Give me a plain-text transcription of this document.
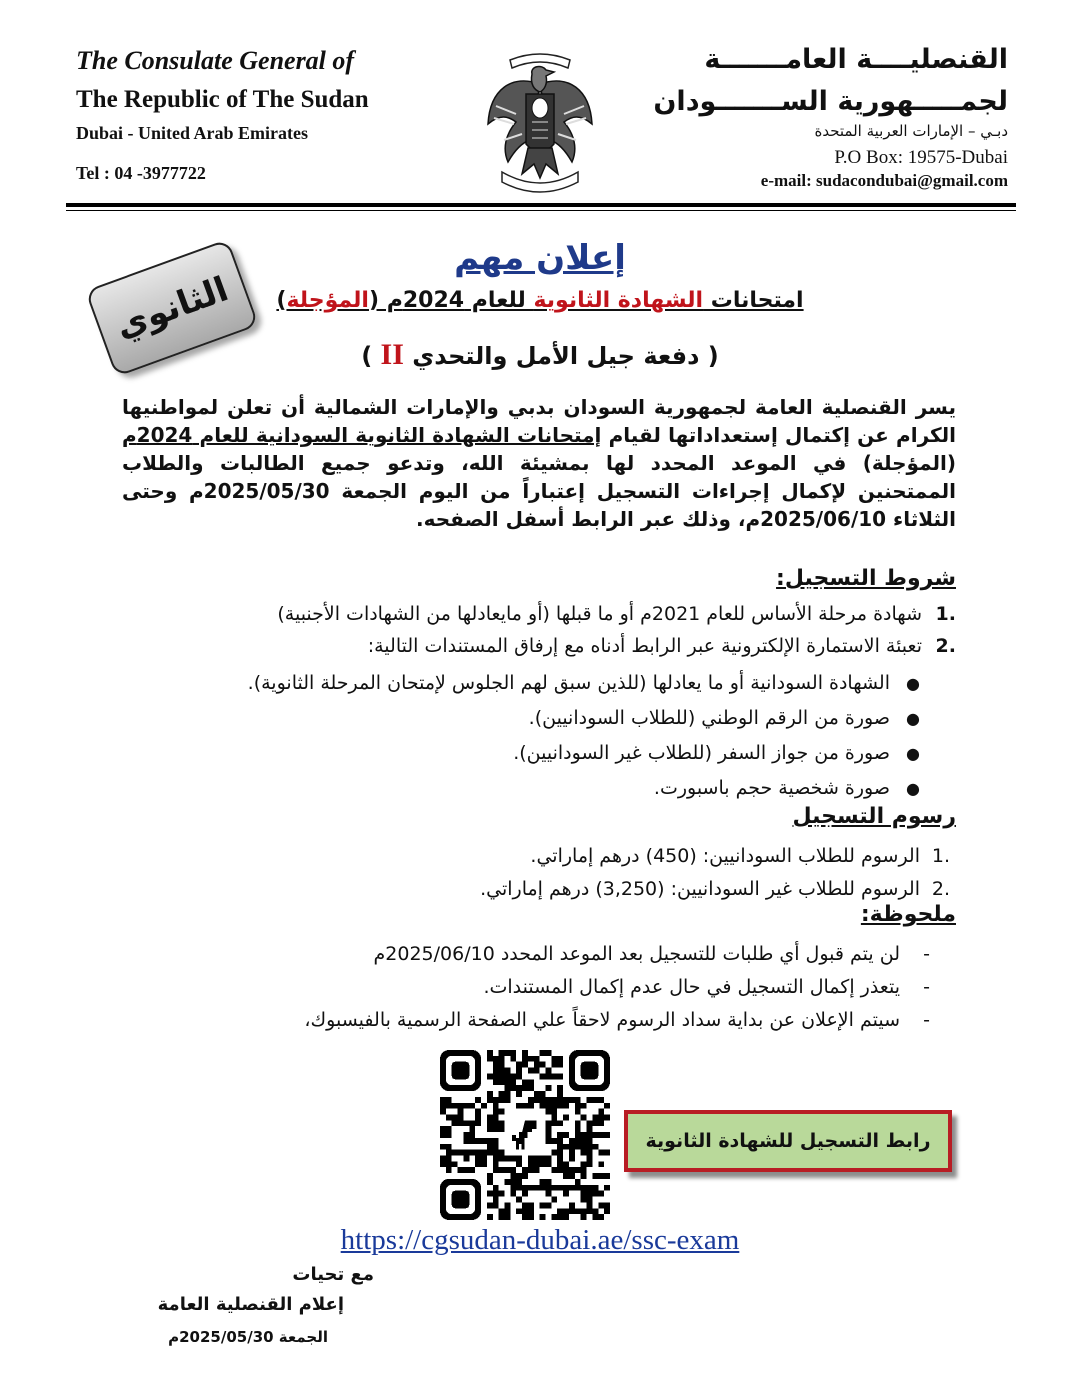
The Consulate General of
The Republic of The Sudan
Dubai - United Arab Emirates
Tel : 04 -3977722
القنصليــــة العامـــــــة
لجمـــــهورية الســـــــودان
دبـي – الإمارات العربية المتحدة
P.O Box: 19575-Dubai
e-mail: sudacondubai@gmail.com
الثانوي
إعلان مهم
امتحانات الشهادة الثانوية للعام 2024م (المؤجلة)
( دفعة جيل الأمل والتحدي II )
يسر القنصلية العامة لجمهورية السودان بدبي والإمارات الشمالية أن تعلن لمواطنيها الكرام عن إكتمال إستعداداتها لقيام إمتحانات الشهادة الثانوية السودانية للعام 2024م (المؤجلة) في الموعد المحدد لها بمشيئة الله، وتدعو جميع الطالبات والطلاب الممتحنين لإكمال إجراءات التسجيل إعتباراً من اليوم الجمعة 2025/05/30م وحتى الثلاثاء 2025/06/10م، وذلك عبر الرابط أسفل الصفحه.
شروط التسجيل:
.1شهادة مرحلة الأساس للعام 2021م أو ما قبلها (أو مايعادلها من الشهادات الأجنبية)
.2تعبئة الاستمارة الإلكترونية عبر الرابط أدناه مع إرفاق المستندات التالية:
●الشهادة السودانية أو ما يعادلها (للذين سبق لهم الجلوس لإمتحان المرحلة الثانوية).
●صورة من الرقم الوطني (للطلاب السودانيين).
●صورة من جواز السفر (للطلاب غير السودانيين).
●صورة شخصية حجم باسبورت.
رسوم التسجيل
.1الرسوم للطلاب السودانيين: (450) درهم إماراتي.
.2الرسوم للطلاب غير السودانيين: (3,250) درهم إماراتي.
ملحوظة:
-لن يتم قبول أي طلبات للتسجيل بعد الموعد المحدد 2025/06/10م
-يتعذر إكمال التسجيل في حال عدم إكمال المستندات.
-سيتم الإعلان عن بداية سداد الرسوم لاحقاً علي الصفحة الرسمية بالفيسبوك،
رابط التسجيل للشهادة الثانوية
https://cgsudan-dubai.ae/ssc-exam
مع تحيات
إعلام القنصلية العامة
الجمعة 2025/05/30م
